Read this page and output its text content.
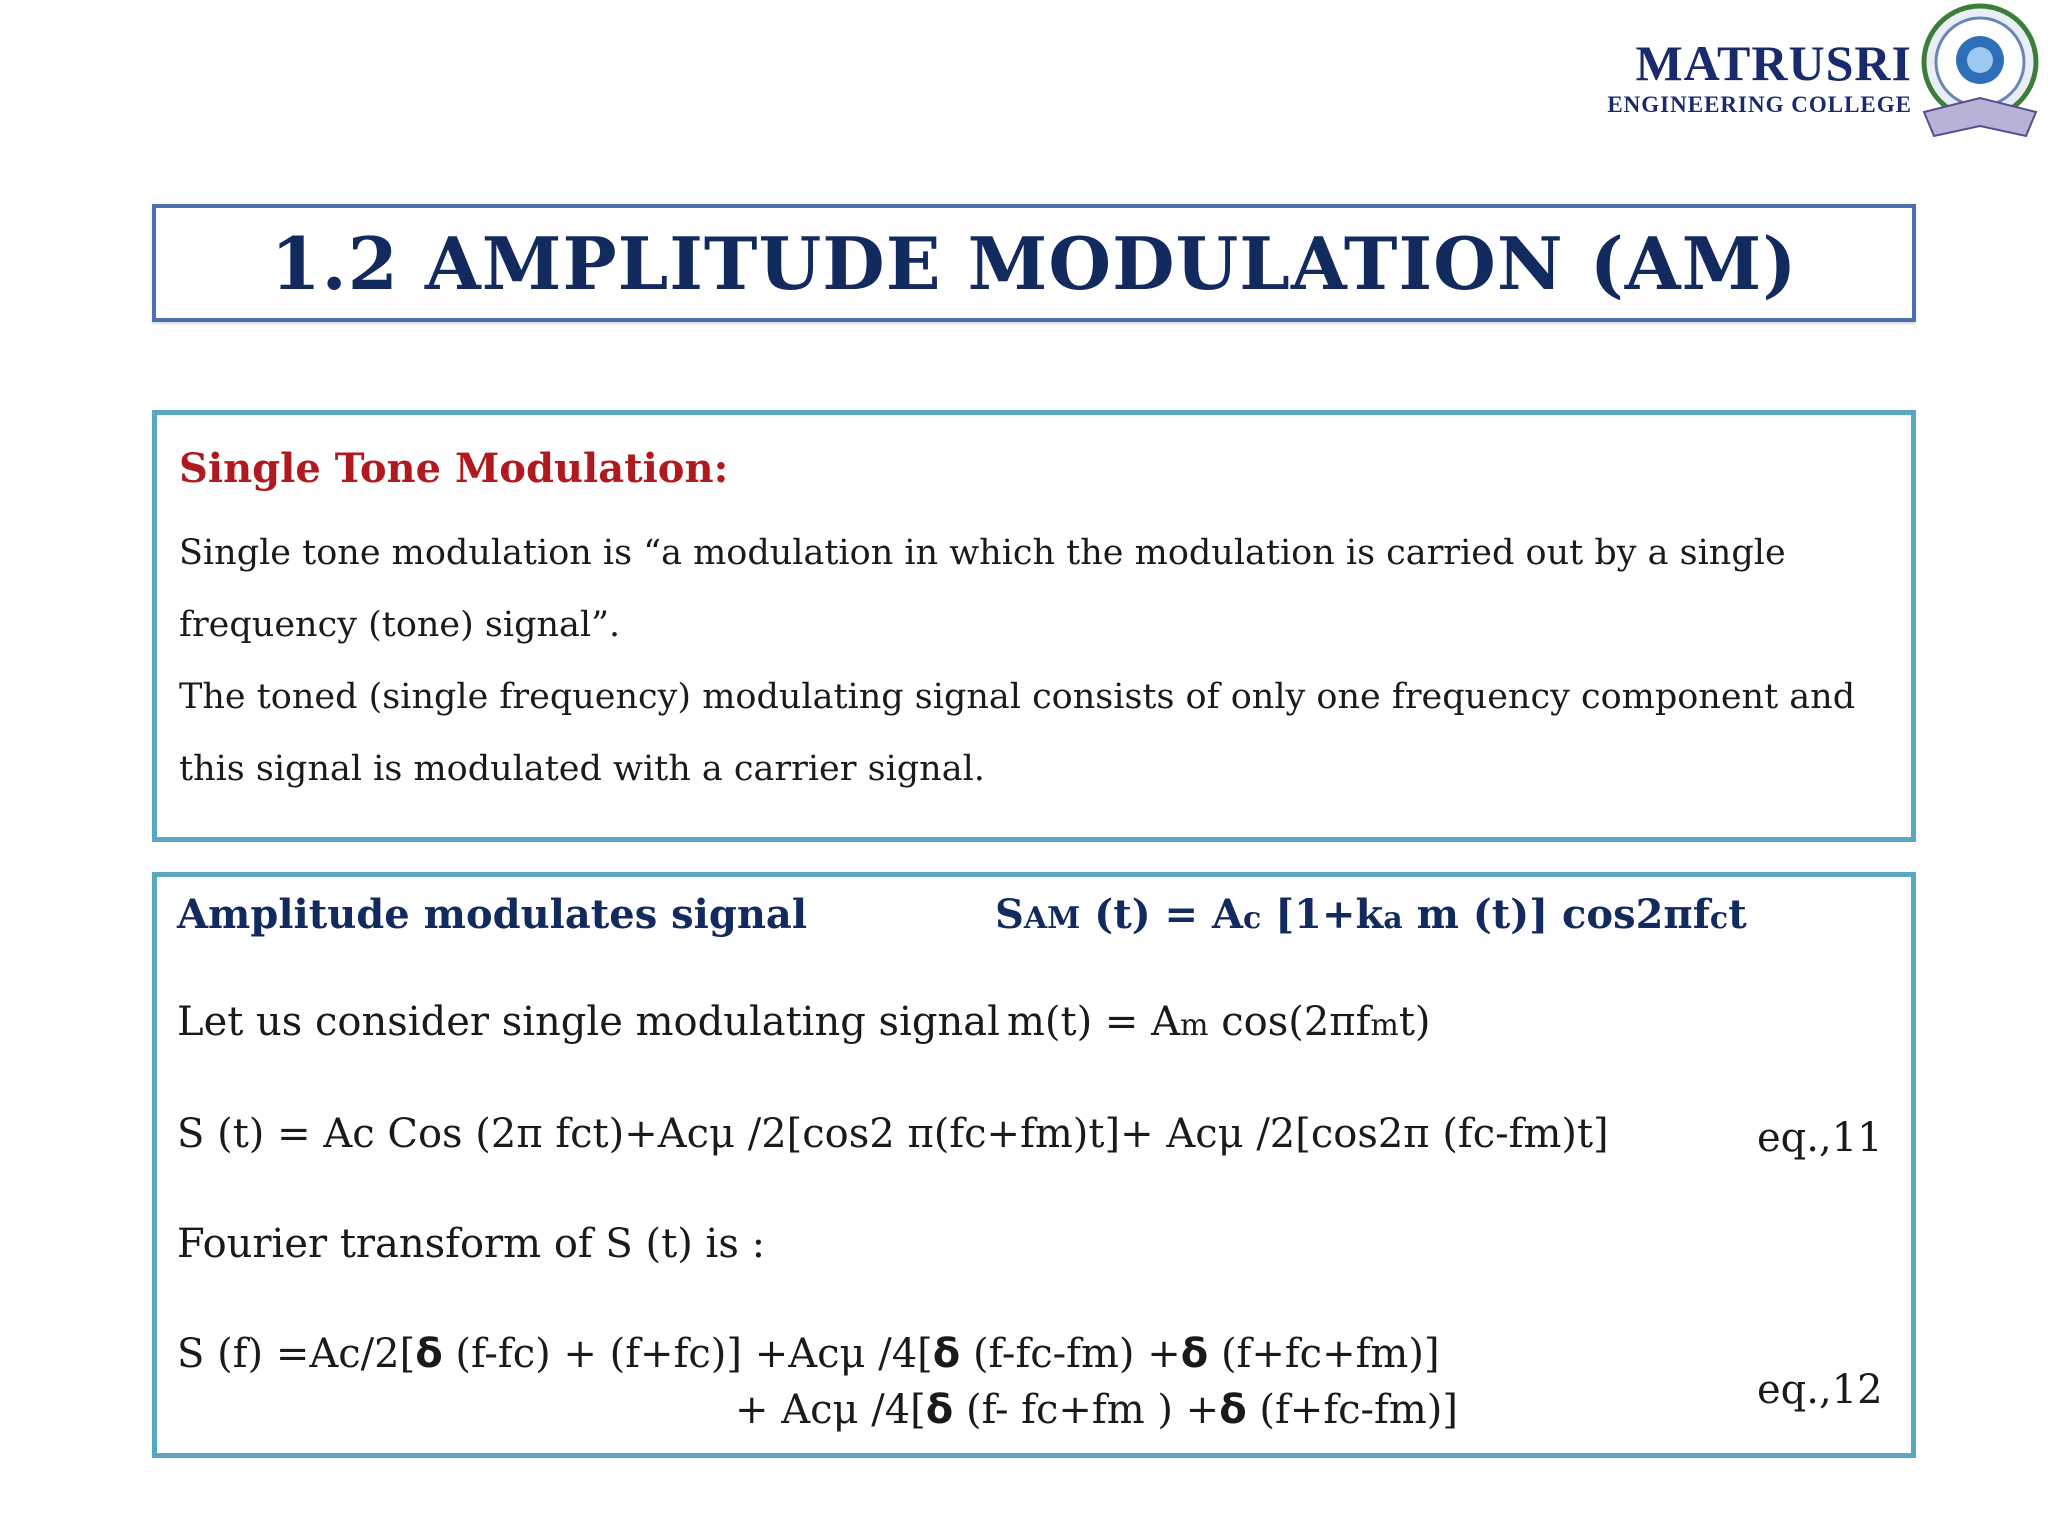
MATRUSRI
ENGINEERING COLLEGE
1.2 AMPLITUDE MODULATION (AM)
Single Tone Modulation:

Single tone modulation is “a modulation in which the modulation is carried out by a single frequency (tone) signal”.

The toned (single frequency) modulating signal consists of only one frequency component and this signal is modulated with a carrier signal.

Amplitude modulates signal	SAM (t) = Ac [1+ka m (t)] cos2πfct
Let us consider single modulating signal m(t) = Am cos(2πfmt)
S (t) = Ac Cos (2π fct)+Acμ /2[cos2 π(fc+fm)t]+ Acμ /2[cos2π (fc-fm)t]	eq.,11
Fourier transform of S (t) is :
S (f) =Ac/2[δ (f-fc) + (f+fc)] +Acμ /4[δ (f-fc-fm) +δ (f+fc+fm)]
+ Acμ /4[δ (f- fc+fm ) +δ (f+fc-fm)]	eq.,12
